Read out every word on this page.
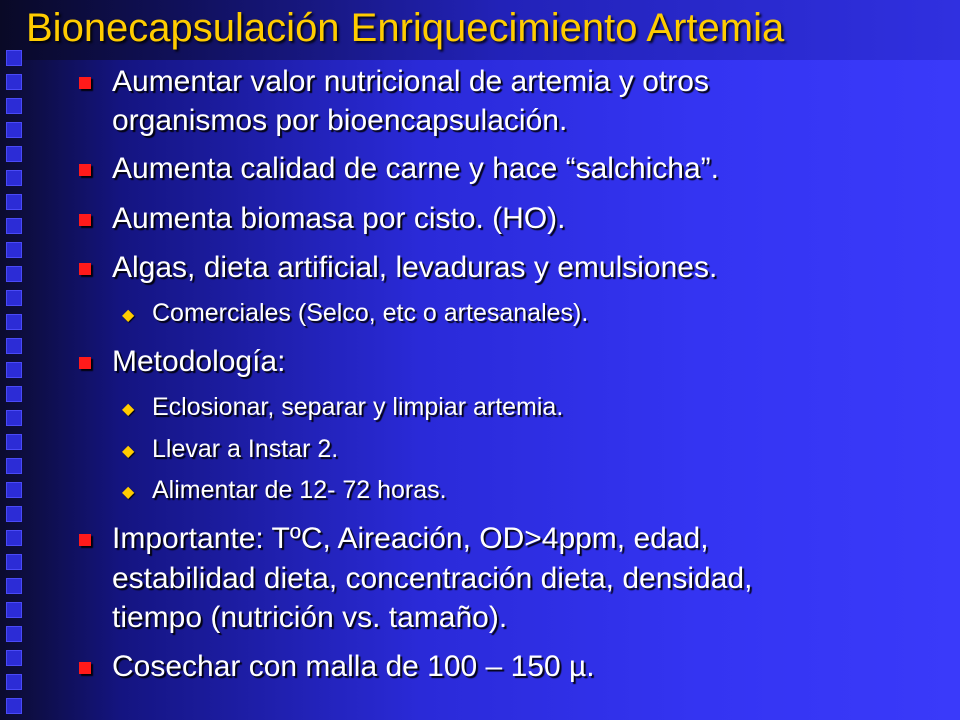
Bionecapsulación Enriquecimiento Artemia
Aumentar valor nutricional de artemia y otros
organismos por bioencapsulación.
Aumenta calidad de carne y hace “salchicha”.
Aumenta biomasa por cisto. (HO).
Algas, dieta artificial, levaduras y emulsiones.
◆ Comerciales (Selco, etc o artesanales).
Metodología:
◆ Eclosionar, separar y limpiar artemia.
◆ Llevar a Instar 2.
◆ Alimentar de 12- 72 horas.
Importante: TºC, Aireación, OD>4ppm, edad,
estabilidad dieta, concentración dieta, densidad,
tiempo (nutrición vs. tamaño).
Cosechar con malla de 100 – 150 µ.
